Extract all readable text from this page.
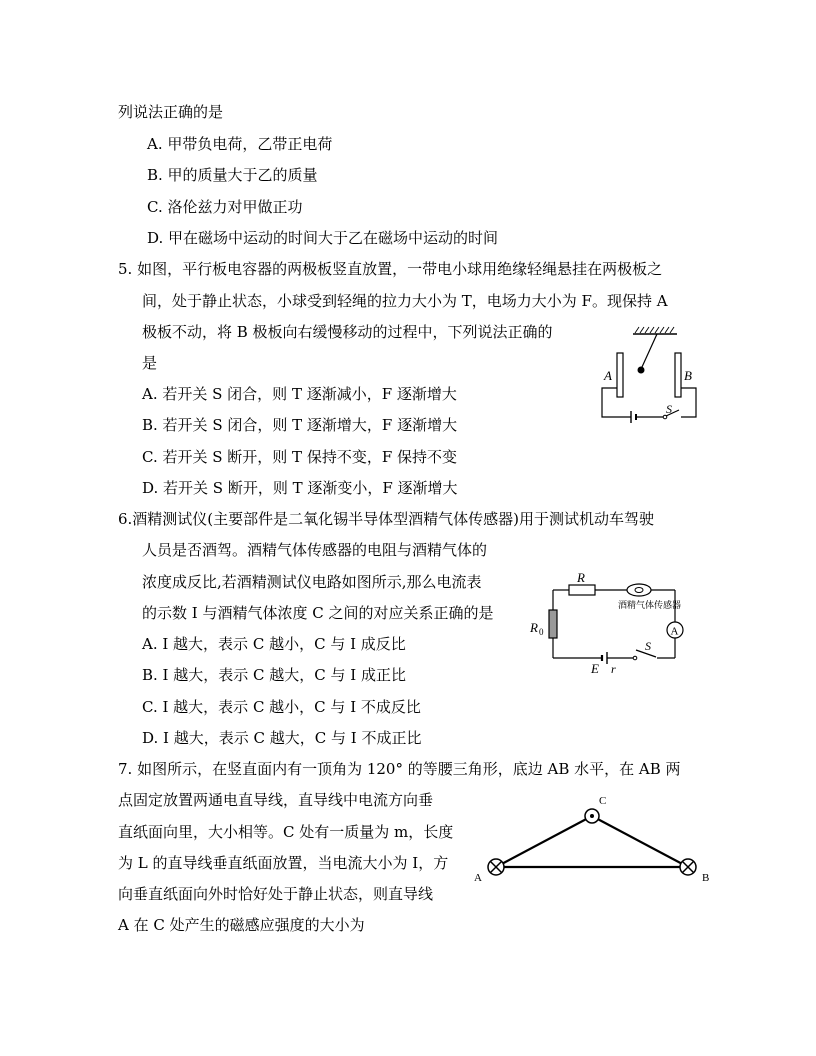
列说法正确的是
A. 甲带负电荷，乙带正电荷
B. 甲的质量大于乙的质量
C. 洛伦兹力对甲做正功
D. 甲在磁场中运动的时间大于乙在磁场中运动的时间
5. 如图，平行板电容器的两极板竖直放置，一带电小球用绝缘轻绳悬挂在两极板之
间，处于静止状态，小球受到轻绳的拉力大小为 T，电场力大小为 F。现保持 A
极板不动，将 B 极板向右缓慢移动的过程中，下列说法正确的
是
A. 若开关 S 闭合，则 T 逐渐减小，F 逐渐增大
B. 若开关 S 闭合，则 T 逐渐增大，F 逐渐增大
C. 若开关 S 断开，则 T 保持不变，F 保持不变
D. 若开关 S 断开，则 T 逐渐变小，F 逐渐增大
6.酒精测试仪(主要部件是二氧化锡半导体型酒精气体传感器)用于测试机动车驾驶
人员是否酒驾。酒精气体传感器的电阻与酒精气体的
浓度成反比,若酒精测试仪电路如图所示,那么电流表
的示数 I 与酒精气体浓度 C 之间的对应关系正确的是
A. I 越大，表示 C 越小，C 与 I 成反比
B. I 越大，表示 C 越大，C 与 I 成正比
C. I 越大，表示 C 越小，C 与 I 不成反比
D. I 越大，表示 C 越大，C 与 I 不成正比
7. 如图所示，在竖直面内有一顶角为 120° 的等腰三角形，底边 AB 水平，在 AB 两
点固定放置两通电直导线，直导线中电流方向垂
直纸面向里，大小相等。C 处有一质量为 m，长度
为 L 的直导线垂直纸面放置，当电流大小为 I，方
向垂直纸面向外时恰好处于静止状态，则直导线
A 在 C 处产生的磁感应强度的大小为
A	B
S
A
R
酒精气体传感器
R 0
S
E r
C
A	B
